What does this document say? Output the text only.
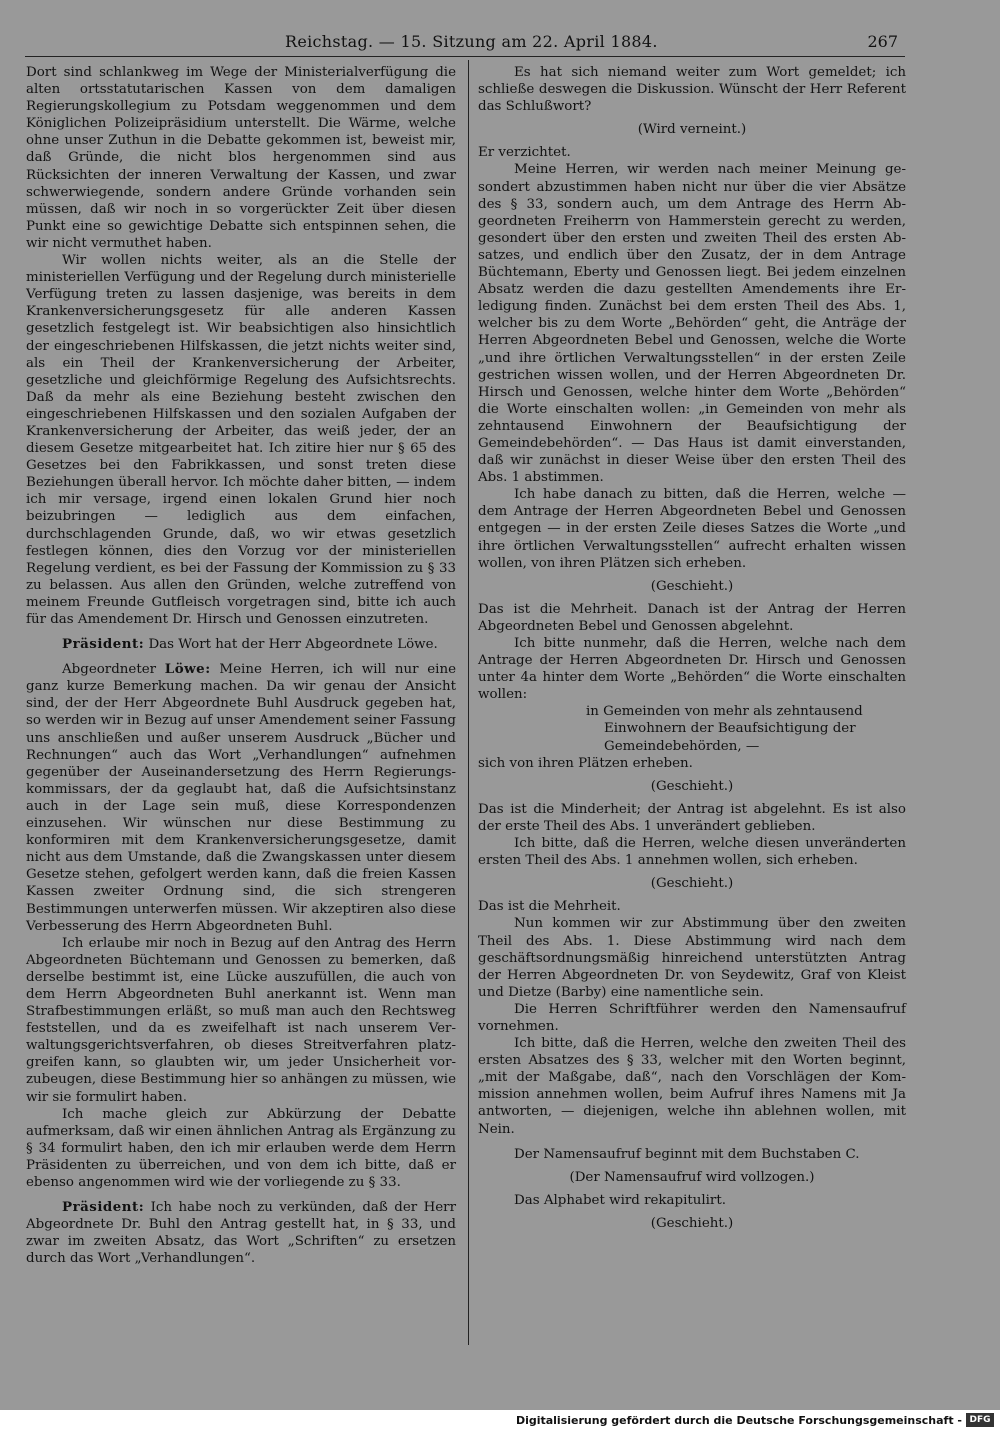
Reichstag. — 15. Sitzung am 22. April 1884.	267

Dort sind schlankweg im Wege der Ministerialverfügung die alten ortsstatutarischen Kassen von dem damaligen Regierungskollegium zu Potsdam weggenommen und dem Königlichen Polizeipräsidium unterstellt. Die Wärme, welche ohne unser Zuthun in die Debatte gekommen ist, beweist mir, daß Gründe, die nicht blos hergenommen sind aus Rücksichten der inneren Verwaltung der Kassen, und zwar schwerwiegende, sondern andere Gründe vorhanden sein müssen, daß wir noch in so vorgerückter Zeit über diesen Punkt eine so gewichtige Debatte sich entspinnen sehen, die wir nicht vermuthet haben.

Wir wollen nichts weiter, als an die Stelle der ministeriellen Verfügung und der Regelung durch ministerielle Verfügung treten zu lassen dasjenige, was bereits in dem Krankenversicherungsgesetz für alle anderen Kassen gesetzlich festgelegt ist. Wir beabsichtigen also hinsichtlich der eingeschriebenen Hilfskassen, die jetzt nichts weiter sind, als ein Theil der Krankenversicherung der Arbeiter, gesetzliche und gleichförmige Regelung des Aufsichtsrechts. Daß da mehr als eine Beziehung besteht zwischen den eingeschriebenen Hilfskassen und den sozialen Aufgaben der Krankenversicherung der Arbeiter, das weiß jeder, der an diesem Gesetze mitgearbeitet hat. Ich zitire hier nur § 65 des Gesetzes bei den Fabrikkassen, und sonst treten diese Beziehungen überall hervor. Ich möchte daher bitten, — indem ich mir versage, irgend einen lokalen Grund hier noch beizubringen — lediglich aus dem einfachen, durchschlagenden Grunde, daß, wo wir etwas gesetzlich festlegen können, dies den Vorzug vor der ministeriellen Regelung verdient, es bei der Fassung der Kommission zu § 33 zu belassen. Aus allen den Gründen, welche zutreffend von meinem Freunde Gutfleisch vorgetragen sind, bitte ich auch für das Amendement Dr. Hirsch und Genossen einzutreten.

Präsident: Das Wort hat der Herr Abgeordnete Löwe.

Abgeordneter Löwe: Meine Herren, ich will nur eine ganz kurze Bemerkung machen. Da wir genau der Ansicht sind, der der Herr Abgeordnete Buhl Ausdruck gegeben hat, so werden wir in Bezug auf unser Amendement seiner Fassung uns anschließen und außer unserem Ausdruck „Bücher und Rechnungen“ auch das Wort „Verhandlungen“ aufnehmen gegenüber der Auseinandersetzung des Herrn Regierungskommissars, der da geglaubt hat, daß die Aufsichtsinstanz auch in der Lage sein muß, diese Korrespondenzen einzusehen. Wir wünschen nur diese Bestimmung zu konformiren mit dem Krankenversicherungsgesetze, damit nicht aus dem Umstande, daß die Zwangskassen unter diesem Gesetze stehen, gefolgert werden kann, daß die freien Kassen Kassen zweiter Ordnung sind, die sich strengeren Bestimmungen unterwerfen müssen. Wir akzeptiren also diese Verbesserung des Herrn Abgeordneten Buhl.

Ich erlaube mir noch in Bezug auf den Antrag des Herrn Abgeordneten Büchtemann und Genossen zu bemerken, daß derselbe bestimmt ist, eine Lücke auszufüllen, die auch von dem Herrn Abgeordneten Buhl anerkannt ist. Wenn man Strafbestimmungen erläßt, so muß man auch den Rechtsweg feststellen, und da es zweifelhaft ist nach unserem Verwaltungsgerichtsverfahren, ob dieses Streitverfahren platzgreifen kann, so glaubten wir, um jeder Unsicherheit vorzubeugen, diese Bestimmung hier so anhängen zu müssen, wie wir sie formulirt haben.

Ich mache gleich zur Abkürzung der Debatte aufmerksam, daß wir einen ähnlichen Antrag als Ergänzung zu § 34 formulirt haben, den ich mir erlauben werde dem Herrn Präsidenten zu überreichen, und von dem ich bitte, daß er ebenso angenommen wird wie der vorliegende zu § 33.

Präsident: Ich habe noch zu verkünden, daß der Herr Abgeordnete Dr. Buhl den Antrag gestellt hat, in § 33, und zwar im zweiten Absatz, das Wort „Schriften“ zu ersetzen durch das Wort „Verhandlungen“.

Es hat sich niemand weiter zum Wort gemeldet; ich schließe deswegen die Diskussion. Wünscht der Herr Referent das Schlußwort?

(Wird verneint.)

Er verzichtet.

Meine Herren, wir werden nach meiner Meinung gesondert abzustimmen haben nicht nur über die vier Absätze des § 33, sondern auch, um dem Antrage des Herrn Abgeordneten Freiherrn von Hammerstein gerecht zu werden, gesondert über den ersten und zweiten Theil des ersten Absatzes, und endlich über den Zusatz, der in dem Antrage Büchtemann, Eberty und Genossen liegt. Bei jedem einzelnen Absatz werden die dazu gestellten Amendements ihre Erledigung finden. Zunächst bei dem ersten Theil des Abs. 1, welcher bis zu dem Worte „Behörden“ geht, die Anträge der Herren Abgeordneten Bebel und Genossen, welche die Worte „und ihre örtlichen Verwaltungsstellen“ in der ersten Zeile gestrichen wissen wollen, und der Herren Abgeordneten Dr. Hirsch und Genossen, welche hinter dem Worte „Behörden“ die Worte einschalten wollen: „in Gemeinden von mehr als zehntausend Einwohnern der Beaufsichtigung der Gemeindebehörden“. — Das Haus ist damit einverstanden, daß wir zunächst in dieser Weise über den ersten Theil des Abs. 1 abstimmen.

Ich habe danach zu bitten, daß die Herren, welche — dem Antrage der Herren Abgeordneten Bebel und Genossen entgegen — in der ersten Zeile dieses Satzes die Worte „und ihre örtlichen Verwaltungsstellen“ aufrecht erhalten wissen wollen, von ihren Plätzen sich erheben.

(Geschieht.)

Das ist die Mehrheit. Danach ist der Antrag der Herren Abgeordneten Bebel und Genossen abgelehnt.

Ich bitte nunmehr, daß die Herren, welche nach dem Antrage der Herren Abgeordneten Dr. Hirsch und Genossen unter 4a hinter dem Worte „Behörden“ die Worte einschalten wollen:

in Gemeinden von mehr als zehntausend Einwohnern der Beaufsichtigung der Gemeindebehörden, —

sich von ihren Plätzen erheben.

(Geschieht.)

Das ist die Minderheit; der Antrag ist abgelehnt. Es ist also der erste Theil des Abs. 1 unverändert geblieben.

Ich bitte, daß die Herren, welche diesen unveränderten ersten Theil des Abs. 1 annehmen wollen, sich erheben.

(Geschieht.)

Das ist die Mehrheit.

Nun kommen wir zur Abstimmung über den zweiten Theil des Abs. 1. Diese Abstimmung wird nach dem geschäftsordnungsmäßig hinreichend unterstützten Antrag der Herren Abgeordneten Dr. von Seydewitz, Graf von Kleist und Dietze (Barby) eine namentliche sein.

Die Herren Schriftführer werden den Namensaufruf vornehmen.

Ich bitte, daß die Herren, welche den zweiten Theil des ersten Absatzes des § 33, welcher mit den Worten beginnt, „mit der Maßgabe, daß“, nach den Vorschlägen der Kommission annehmen wollen, beim Aufruf ihres Namens mit Ja antworten, — diejenigen, welche ihn ablehnen wollen, mit Nein.

Der Namensaufruf beginnt mit dem Buchstaben C.

(Der Namensaufruf wird vollzogen.)

Das Alphabet wird rekapitulirt.

(Geschieht.)

Digitalisierung gefördert durch die Deutsche Forschungsgemeinschaft - DFG
